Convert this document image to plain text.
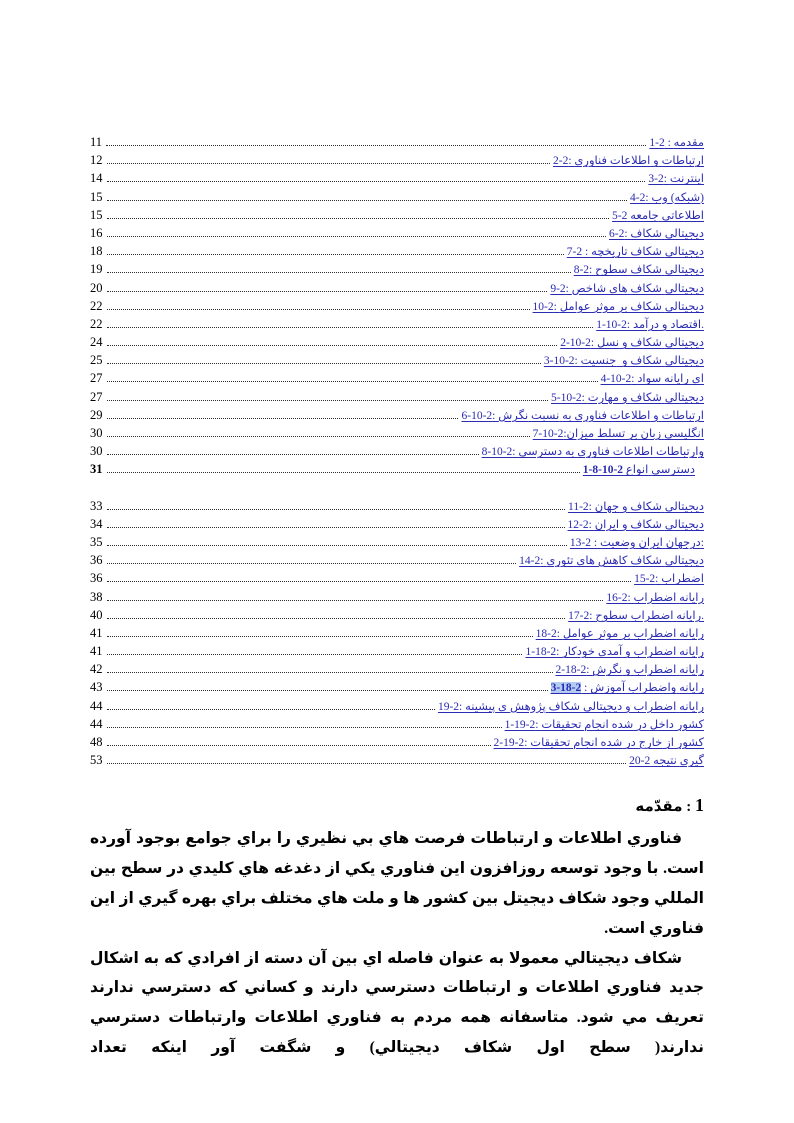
11	1-2 : مقدمه
12	2-2: فناوری ‎اطلاعات ‎و ‎ارتباطات
14	3-2: اینترنت
15	4-2: وب ‎(شبکه)
15	5-2 جامعه ‎اطلاعاتی
16	6-2: شکاف ‎دیجیتالی
18	7-2 : تاریخچه ‎شکاف ‎دیجیتالی
19	8-2: سطوح ‎شکاف ‎دیجیتالی
20	9-2: شاخص ‎های ‎شکاف ‎دیجیتالی
22	10-2: عوامل ‎موثر ‎بر ‎شکاف ‎دیجیتالی
22	1-10-2: درآمد ‎و ‎اقتصاد.
24	2-10-2: نسل ‎و ‎شکاف ‎دیجیتالی
25	3-10-2: جنسیت ‎ ‎و ‎شکاف ‎دیجیتالی
27	4-10-2: سواد ‎رایانه ‎ای
27	5-10-2: مهارت ‎و ‎شکاف ‎دیجیتالی
29	6-10-2: نگرش ‎نسبت ‎به ‎فناوری ‎اطلاعات ‎و ‎ارتباطات
30	7-10-2:میزان ‎تسلط ‎بر ‎زبان ‎انگلیسی
30	8-10-2: دسترسی ‎به ‎فناوری ‎اطلاعات ‎وارتباطات
31	1-8-10-2 انواع ‎دسترسی
33	11-2: جهان ‎و ‎شکاف ‎دیجیتالی
34	12-2: ایران ‎و ‎شکاف ‎دیجیتالی
35	13-2 : وضعیت ‎ایران ‎درجهان:
36	14-2: تئوری ‎های ‎کاهش ‎شکاف ‎دیجیتالی
36	15-2: اضطراب
38	16-2: اضطراب ‎رایانه
40	17-2: سطوح ‎اضطراب ‎رایانه.
41	18-2: عوامل ‎موثر ‎بر ‎اضطراب ‎رایانه
41	1-18-2: خودکار ‎آمدی ‎و ‎اضطراب ‎رایانه
42	2-18-2: نگرش ‎و ‎اضطراب ‎رایانه
43	3-18-2 : آموزش ‎واضطراب ‎رایانه
44	19-2: پیشینه ‎ی ‎پژوهش ‎شکاف ‎دیجیتالی ‎و ‎اضطراب ‎رایانه
44	1-19-2: تحقیقات ‎انجام ‎شده ‎در ‎داخل ‎کشور
48	2-19-2: تحقیقات ‎انجام ‎شده ‎در ‎خارج ‎از ‎کشور
53	20-2 نتیجه ‎گیری
1 : مقدّمه

فناوري اطلاعات و ارتباطات فرصت هاي بي نظيري را براي جوامع بوجود آورده است. با وجود توسعه روزافزون اين فناوري يكي از دغدغه هاي كليدي در سطح بين المللي وجود شكاف ديجيتل بين كشور ها و ملت هاي مختلف براي بهره گيري از اين فناوري است.

شكاف ديجيتالي معمولا به عنوان فاصله اي بين آن دسته از افرادي كه به اشكال جديد فناوري اطلاعات و ارتباطات دسترسي دارند و كساني كه دسترسي ندارند تعريف مي شود. متاسفانه همه مردم به فناوري اطلاعات وارتباطات دسترسي ندارند( سطح اول شكاف ديجيتالي) و شگفت آور اينكه تعداد
